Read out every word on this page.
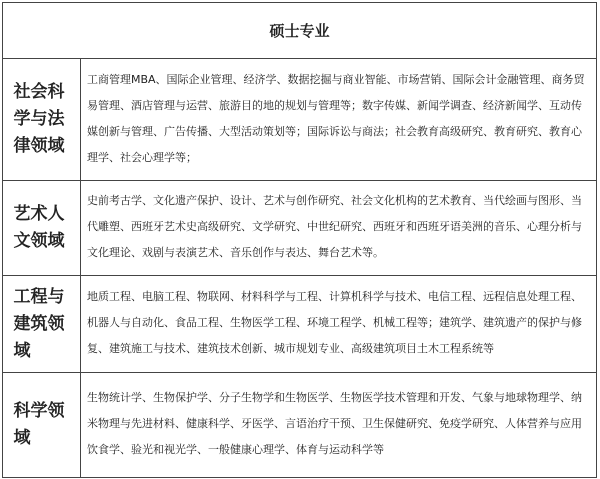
硕士专业	
社会科学与法律领域	工商管理MBA、国际企业管理、经济学、数据挖掘与商业智能、市场营销、国际会计金融管理、商务贸易管理、酒店管理与运营、旅游目的地的规划与管理等；数字传媒、新闻学调查、经济新闻学、互动传媒创新与管理、广告传播、大型活动策划等；国际诉讼与商法；社会教育高级研究、教育研究、教育心理学、社会心理学等；
艺术人文领域	史前考古学、文化遗产保护、设计、艺术与创作研究、社会文化机构的艺术教育、当代绘画与图形、当代雕塑、西班牙艺术史高级研究、文学研究、中世纪研究、西班牙和西班牙语美洲的音乐、心理分析与文化理论、戏剧与表演艺术、音乐创作与表达、舞台艺术等。
工程与建筑领域	地质工程、电脑工程、物联网、材料科学与工程、计算机科学与技术、电信工程、远程信息处理工程、机器人与自动化、食品工程、生物医学工程、环境工程学、机械工程等；建筑学、建筑遗产的保护与修复、建筑施工与技术、建筑技术创新、城市规划专业、高级建筑项目土木工程系统等
科学领域	生物统计学、生物保护学、分子生物学和生物医学、生物医学技术管理和开发、气象与地球物理学、纳米物理与先进材料、健康科学、牙医学、言语治疗干预、卫生保健研究、免疫学研究、人体营养与应用饮食学、验光和视光学、一般健康心理学、体育与运动科学等
